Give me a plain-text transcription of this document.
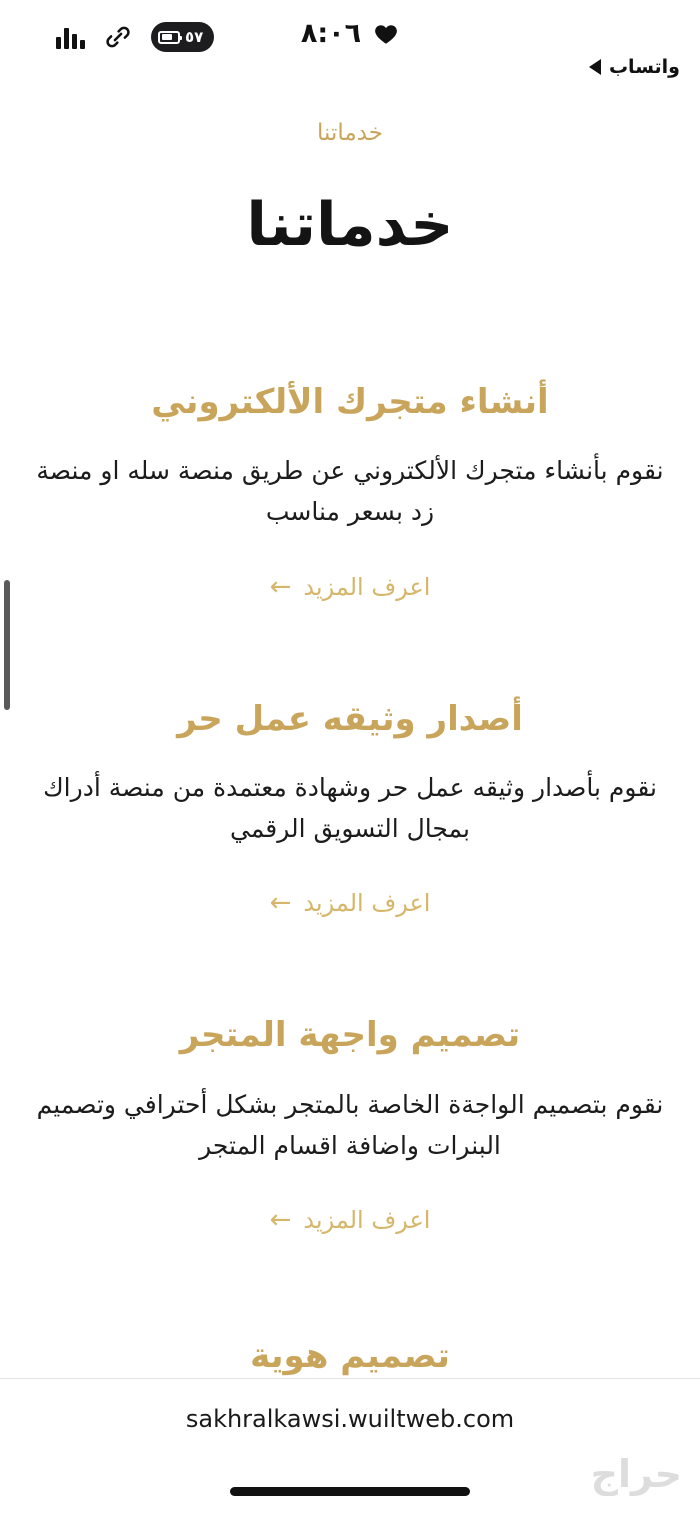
٥٧	٨:٠٦
واتساب
خدماتنا
خدماتنا
أنشاء متجرك الألكتروني

نقوم بأنشاء متجرك الألكتروني عن طريق منصة سله او منصة زد بسعر مناسب

اعرف المزيد
←
أصدار وثيقه عمل حر

نقوم بأصدار وثيقه عمل حر وشهادة معتمدة من منصة أدراك بمجال التسويق الرقمي

اعرف المزيد
←
تصميم واجهة المتجر

نقوم بتصميم الواجةة الخاصة بالمتجر بشكل أحترافي وتصميم البنرات واضافة اقسام المتجر

اعرف المزيد
←
تصميم هوية
sakhralkawsi.wuiltweb.com
حراج
